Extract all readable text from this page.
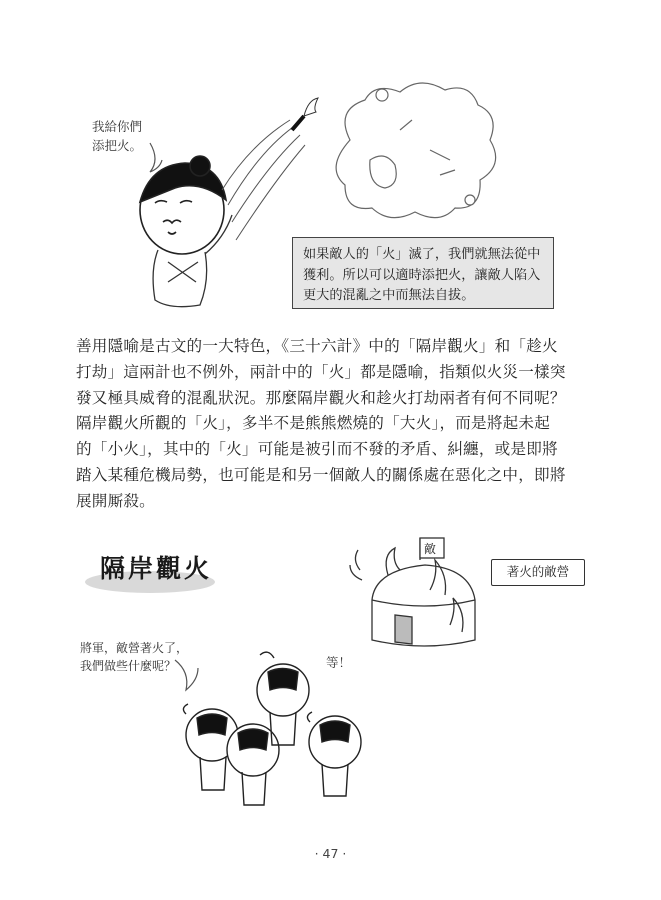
我給你們
添把火。
如果敵人的「火」滅了，我們就無法從中
獲利。所以可以適時添把火，讓敵人陷入
更大的混亂之中而無法自拔。
善用隱喻是古文的一大特色，《三十六計》中的「隔岸觀火」和「趁火
打劫」這兩計也不例外，兩計中的「火」都是隱喻，指類似火災一樣突
發又極具威脅的混亂狀況。那麼隔岸觀火和趁火打劫兩者有何不同呢？
隔岸觀火所觀的「火」，多半不是熊熊燃燒的「大火」，而是將起未起
的「小火」，其中的「火」可能是被引而不發的矛盾、糾纏，或是即將
踏入某種危機局勢，也可能是和另一個敵人的關係處在惡化之中，即將
展開厮殺。
隔岸觀火	著火的敵營
敵
將軍，敵營著火了，
我們做些什麼呢？	等！
· 47 ·
